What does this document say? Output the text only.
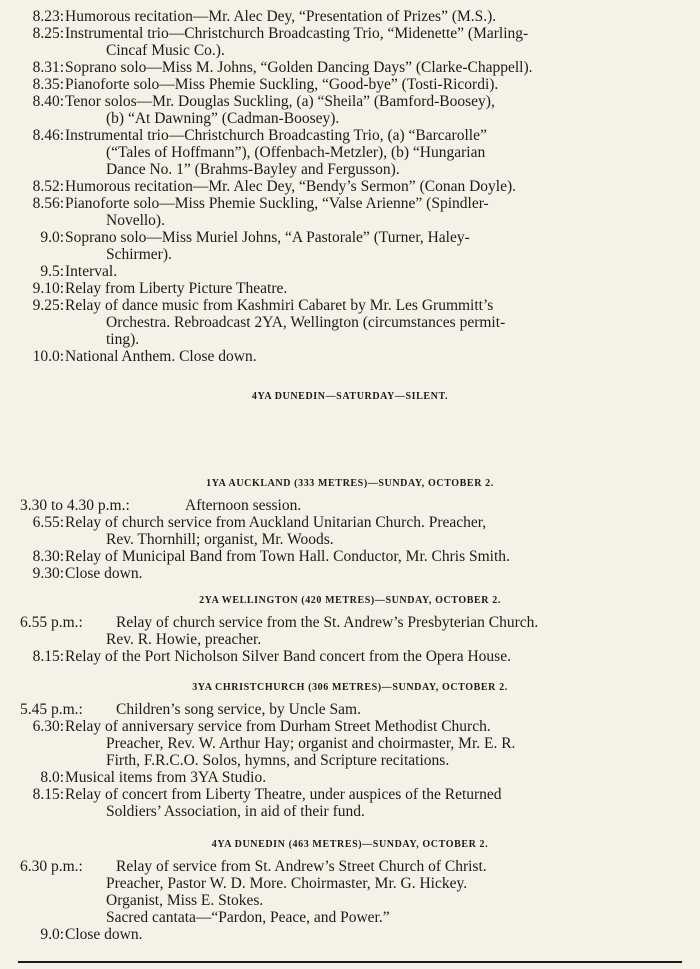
8.23: Humorous recitation—Mr. Alec Dey, “Presentation of Prizes” (M.S.).
8.25: Instrumental trio—Christchurch Broadcasting Trio, “Midenette” (Marling-
Cincaf Music Co.).
8.31: Soprano solo—Miss M. Johns, “Golden Dancing Days” (Clarke-Chappell).
8.35: Pianoforte solo—Miss Phemie Suckling, “Good-bye” (Tosti-Ricordi).
8.40: Tenor solos—Mr. Douglas Suckling, (a) “Sheila” (Bamford-Boosey),
(b) “At Dawning” (Cadman-Boosey).
8.46: Instrumental trio—Christchurch Broadcasting Trio, (a) “Barcarolle”
(“Tales of Hoffmann”), (Offenbach-Metzler), (b) “Hungarian
Dance No. 1” (Brahms-Bayley and Fergusson).
8.52: Humorous recitation—Mr. Alec Dey, “Bendy’s Sermon” (Conan Doyle).
8.56: Pianoforte solo—Miss Phemie Suckling, “Valse Arienne” (Spindler-
Novello).
9.0: Soprano solo—Miss Muriel Johns, “A Pastorale” (Turner, Haley-
Schirmer).
9.5: Interval.
9.10: Relay from Liberty Picture Theatre.
9.25: Relay of dance music from Kashmiri Cabaret by Mr. Les Grummitt’s
Orchestra. Rebroadcast 2YA, Wellington (circumstances permit-
ting).
10.0: National Anthem. Close down.
4YA DUNEDIN—SATURDAY—SILENT.
1YA AUCKLAND (333 METRES)—SUNDAY, OCTOBER 2.
3.30 to 4.30 p.m.:	Afternoon session.
6.55: Relay of church service from Auckland Unitarian Church. Preacher,
Rev. Thornhill; organist, Mr. Woods.
8.30: Relay of Municipal Band from Town Hall. Conductor, Mr. Chris Smith.
9.30: Close down.
2YA WELLINGTON (420 METRES)—SUNDAY, OCTOBER 2.
6.55 p.m.: Relay of church service from the St. Andrew’s Presbyterian Church.
Rev. R. Howie, preacher.
8.15: Relay of the Port Nicholson Silver Band concert from the Opera House.
3YA CHRISTCHURCH (306 METRES)—SUNDAY, OCTOBER 2.
5.45 p.m.: Children’s song service, by Uncle Sam.
6.30: Relay of anniversary service from Durham Street Methodist Church.
Preacher, Rev. W. Arthur Hay; organist and choirmaster, Mr. E. R.
Firth, F.R.C.O. Solos, hymns, and Scripture recitations.
8.0: Musical items from 3YA Studio.
8.15: Relay of concert from Liberty Theatre, under auspices of the Returned
Soldiers’ Association, in aid of their fund.
4YA DUNEDIN (463 METRES)—SUNDAY, OCTOBER 2.
6.30 p.m.: Relay of service from St. Andrew’s Street Church of Christ.
Preacher, Pastor W. D. More. Choirmaster, Mr. G. Hickey.
Organist, Miss E. Stokes.
Sacred cantata—“Pardon, Peace, and Power.”
9.0: Close down.
